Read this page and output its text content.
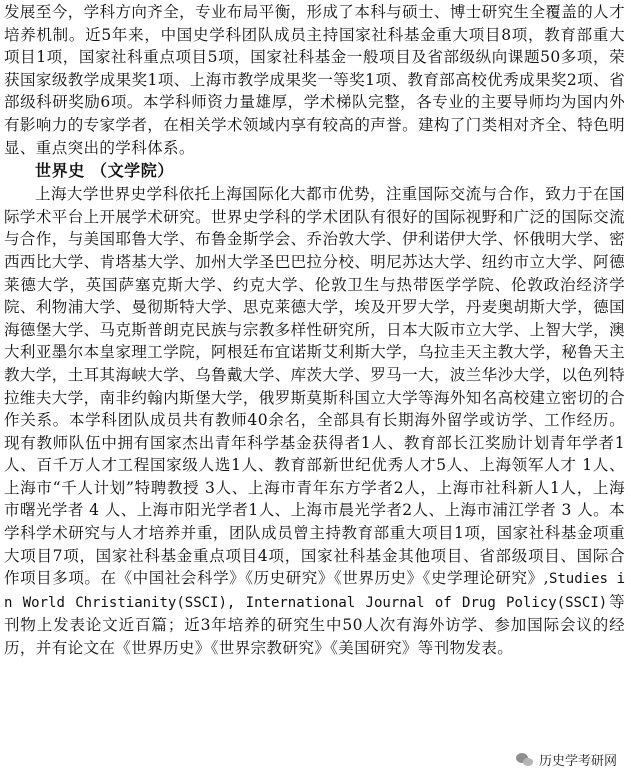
发展至今，学科方向齐全，专业布局平衡，形成了本科与硕士、博士研究生全覆盖的人才培养机制。近5年来，中国史学科团队成员主持国家社科基金重大项目8项，教育部重大项目1项，国家社科重点项目5项，国家社科基金一般项目及省部级纵向课题50多项，荣获国家级教学成果奖1项、上海市教学成果奖一等奖1项、教育部高校优秀成果奖2项、省部级科研奖励6项。本学科师资力量雄厚，学术梯队完整，各专业的主要导师均为国内外有影响力的专家学者，在相关学术领域内享有较高的声誉。建构了门类相对齐全、特色明显、重点突出的学科体系。

世界史 （文学院）

上海大学世界史学科依托上海国际化大都市优势，注重国际交流与合作，致力于在国际学术平台上开展学术研究。世界史学科的学术团队有很好的国际视野和广泛的国际交流与合作，与美国耶鲁大学、布鲁金斯学会、乔治敦大学、伊利诺伊大学、怀俄明大学、密西西比大学、肯塔基大学、加州大学圣巴巴拉分校、明尼苏达大学、纽约市立大学、阿德莱德大学，英国萨塞克斯大学、约克大学、伦敦卫生与热带医学学院、伦敦政治经济学院、利物浦大学、曼彻斯特大学、思克莱德大学，埃及开罗大学，丹麦奥胡斯大学，德国海德堡大学、马克斯普朗克民族与宗教多样性研究所，日本大阪市立大学、上智大学，澳大利亚墨尔本皇家理工学院，阿根廷布宜诺斯艾利斯大学，乌拉圭天主教大学，秘鲁天主教大学，土耳其海峡大学、乌鲁戴大学、库茨大学、罗马一大，波兰华沙大学，以色列特拉维夫大学，南非约翰内斯堡大学，俄罗斯莫斯科国立大学等海外知名高校建立密切的合作关系。本学科团队成员共有教师40余名，全部具有长期海外留学或访学、工作经历。现有教师队伍中拥有国家杰出青年科学基金获得者1人、教育部长江奖励计划青年学者1人、百千万人才工程国家级人选1人、教育部新世纪优秀人才5人、上海领军人才 1人、上海市“千人计划”特聘教授 3人、上海市青年东方学者2人，上海市社科新人1人，上海市曙光学者 4 人、上海市阳光学者1人、上海市晨光学者2人、上海市浦江学者 3 人。本学科学术研究与人才培养并重，团队成员曾主持教育部重大项目1项，国家社科基金项重大项目7项，国家社科基金重点项目4项，国家社科基金其他项目、省部级项目、国际合作项目多项。在《中国社会科学》《历史研究》《世界历史》《史学理论研究》,Studies in World Christianity(SSCI), International Journal of Drug Policy(SSCI)等刊物上发表论文近百篇；近3年培养的研究生中50人次有海外访学、参加国际会议的经历，并有论文在《世界历史》《世界宗教研究》《美国研究》等刊物发表。

历史学考研网
